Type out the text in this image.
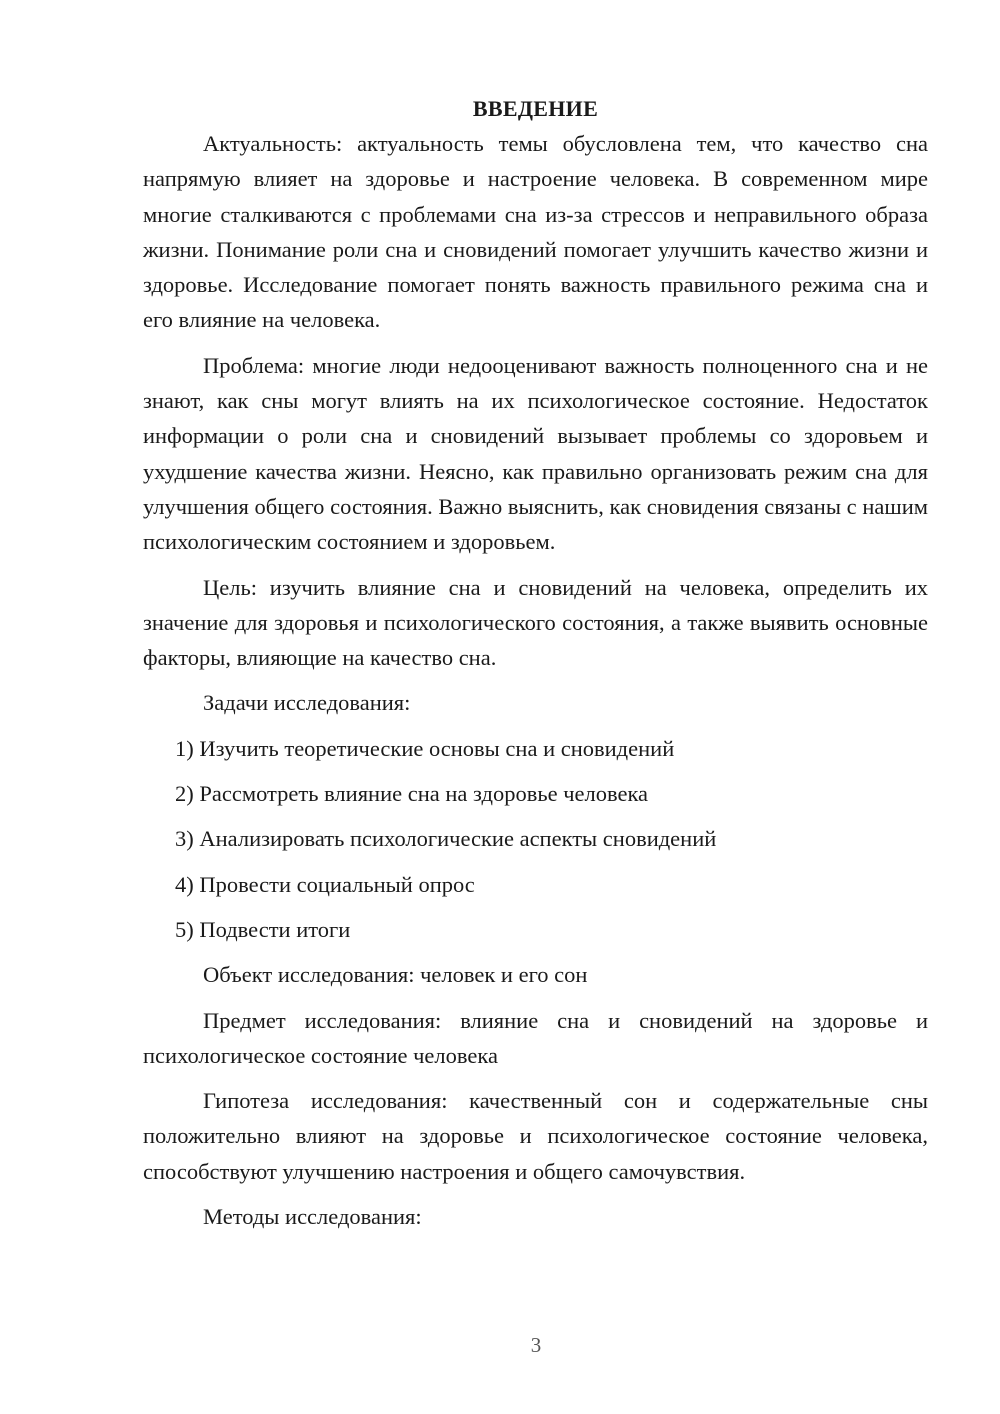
ВВЕДЕНИЕ

Актуальность: актуальность темы обусловлена тем, что качество сна напрямую влияет на здоровье и настроение человека. В современном мире многие сталкиваются с проблемами сна из-за стрессов и неправильного образа жизни. Понимание роли сна и сновидений помогает улучшить качество жизни и здоровье. Исследование помогает понять важность правильного режима сна и его влияние на человека.

Проблема: многие люди недооценивают важность полноценного сна и не знают, как сны могут влиять на их психологическое состояние. Недостаток информации о роли сна и сновидений вызывает проблемы со здоровьем и ухудшение качества жизни. Неясно, как правильно организовать режим сна для улучшения общего состояния. Важно выяснить, как сновидения связаны с нашим психологическим состоянием и здоровьем.

Цель: изучить влияние сна и сновидений на человека, определить их значение для здоровья и психологического состояния, а также выявить основные факторы, влияющие на качество сна.

Задачи исследования:

1) Изучить теоретические основы сна и сновидений
2) Рассмотреть влияние сна на здоровье человека
3) Анализировать психологические аспекты сновидений
4) Провести социальный опрос
5) Подвести итоги

Объект исследования: человек и его сон

Предмет исследования: влияние сна и сновидений на здоровье и психологическое состояние человека

Гипотеза исследования: качественный сон и содержательные сны положительно влияют на здоровье и психологическое состояние человека, способствуют улучшению настроения и общего самочувствия.

Методы исследования:

3
